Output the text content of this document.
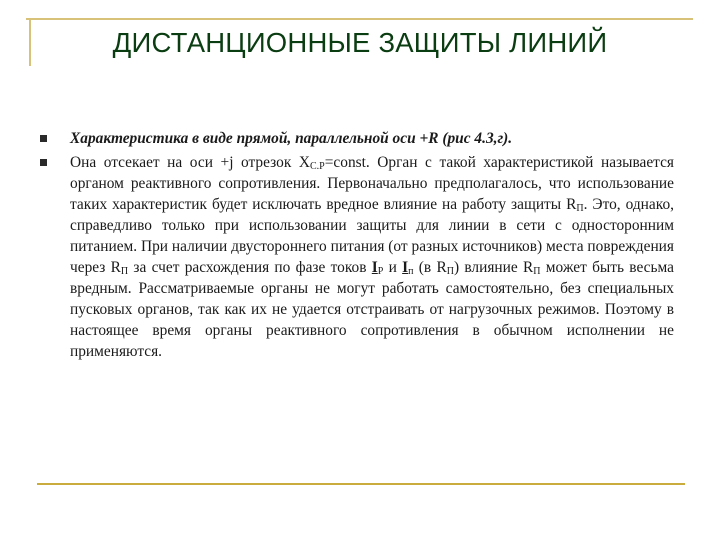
ДИСТАНЦИОННЫЕ ЗАЩИТЫ ЛИНИЙ
Характеристика в виде прямой, параллельной оси +R (рис 4.3,г).
Она отсекает на оси +j отрезок $X_{С.Р}=const$. Орган с такой характеристикой называется органом реактивного сопротивления. Первоначально предполагалось, что использование таких характеристик будет исключать вредное влияние на работу защиты $R_П$. Это, однако, справедливо только при использовании защиты для линии в сети с односторонним питанием. При наличии двустороннего питания (от разных источников) места повреждения через $R_П$ за счет расхождения по фазе токов $I_Р$ и $I_п$ (в $R_П$) влияние $R_П$ может быть весьма вредным. Рассматриваемые органы не могут работать самостоятельно, без специальных пусковых органов, так как их не удается отстраивать от нагрузочных режимов. Поэтому в настоящее время органы реактивного сопротивления в обычном исполнении не применяются.
